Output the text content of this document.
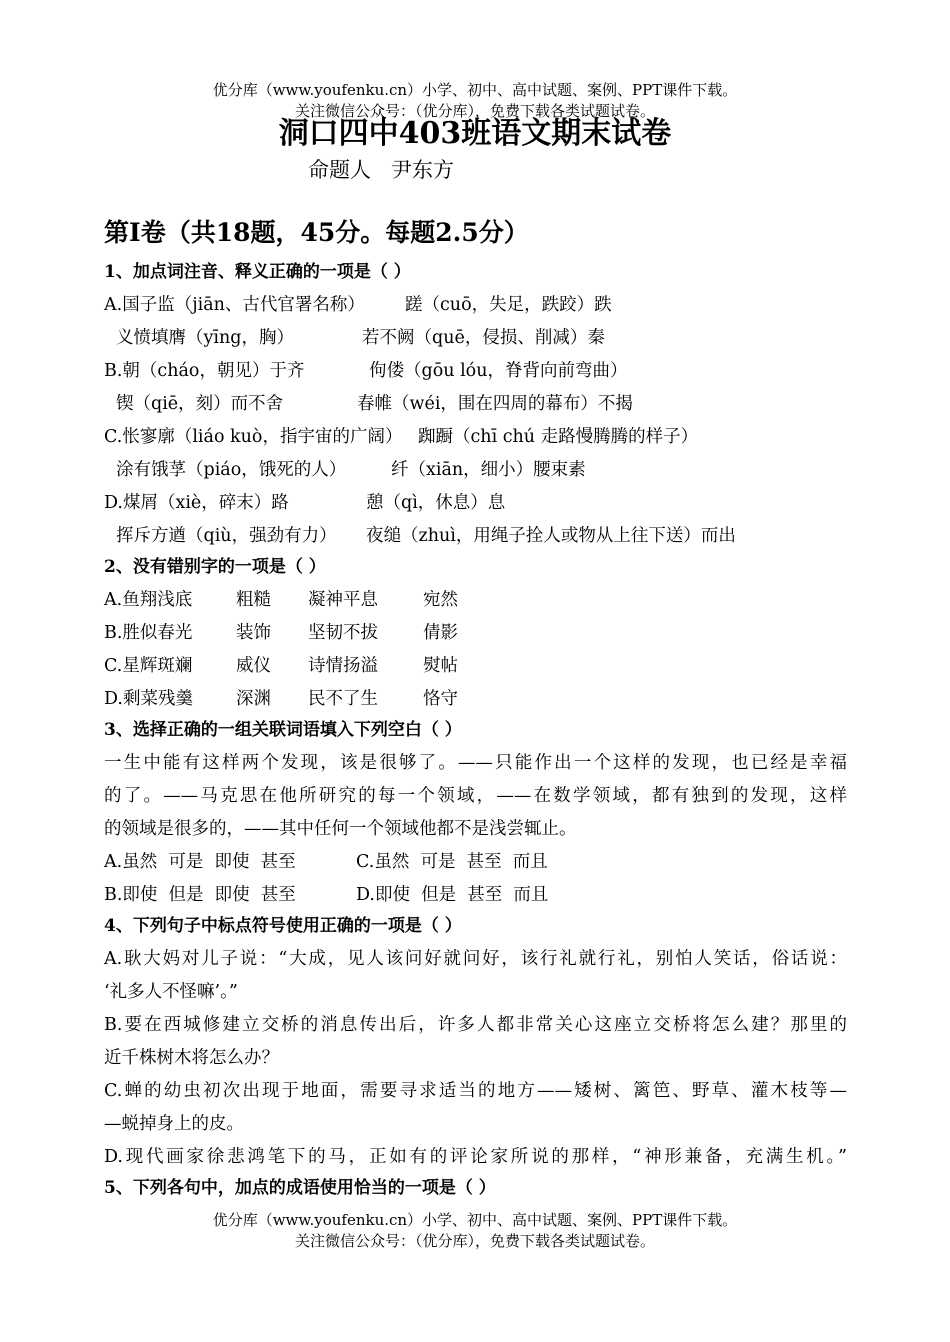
优分库（www.youfenku.cn）小学、初中、高中试题、案例、PPT课件下载。
关注微信公众号：（优分库），免费下载各类试题试卷。
洞口四中403班语文期末试卷
命题人   尹东方
第Ⅰ卷（共18题，45分。每题2.5分）
1、加点词注音、释义正确的一项是（ ）
A.国子监（jiān、古代官署名称） 蹉（cuō，失足，跌跤）跌
义愤填膺（yīng，胸）	若不阙（quē，侵损、削减）秦
B.朝（cháo，朝见）于齐	佝偻（gōu lóu，脊背向前弯曲）
锲（qiē，刻）而不舍	春帷（wéi，围在四周的幕布）不揭
C.怅寥廓（liáo kuò，指宇宙的广阔） 踟蹰（chī chú 走路慢腾腾的样子）
涂有饿莩（piáo，饿死的人）	纤（xiān，细小）腰束素
D.煤屑（xiè，碎末）路	憩（qì，休息）息
挥斥方遒（qiù，强劲有力） 夜缒（zhuì，用绳子拴人或物从上往下送）而出
2、没有错别字的一项是（ ）
A.鱼翔浅底	粗糙 凝神平息	宛然
B.胜似春光 装饰 坚韧不拔	倩影
C.星辉斑斓 威仪 诗情扬溢	熨帖
D.剩菜残羹 深渊 民不了生	恪守
3、选择正确的一组关联词语填入下列空白（ ）
一生中能有这样两个发现，该是很够了。——只能作出一个这样的发现，也已经是幸福
的了。——马克思在他所研究的每一个领域，——在数学领域，都有独到的发现，这样
的领域是很多的，——其中任何一个领域他都不是浅尝辄止。
A.虽然  可是  即使  甚至	C.虽然  可是  甚至  而且
B.即使  但是  即使  甚至	D.即使  但是  甚至  而且
4、下列句子中标点符号使用正确的一项是（ ）
A.耿大妈对儿子说：“大成，见人该问好就问好，该行礼就行礼，别怕人笑话，俗话说：
‘礼多人不怪嘛’。”
B.要在西城修建立交桥的消息传出后，许多人都非常关心这座立交桥将怎么建？那里的
近千株树木将怎么办？
C.蝉的幼虫初次出现于地面，需要寻求适当的地方——矮树、篱笆、野草、灌木枝等—
—蜕掉身上的皮。
D.现代画家徐悲鸿笔下的马，正如有的评论家所说的那样，“神形兼备，充满生机。”
5、下列各句中，加点的成语使用恰当的一项是（ ）
优分库（www.youfenku.cn）小学、初中、高中试题、案例、PPT课件下载。
关注微信公众号：（优分库），免费下载各类试题试卷。
